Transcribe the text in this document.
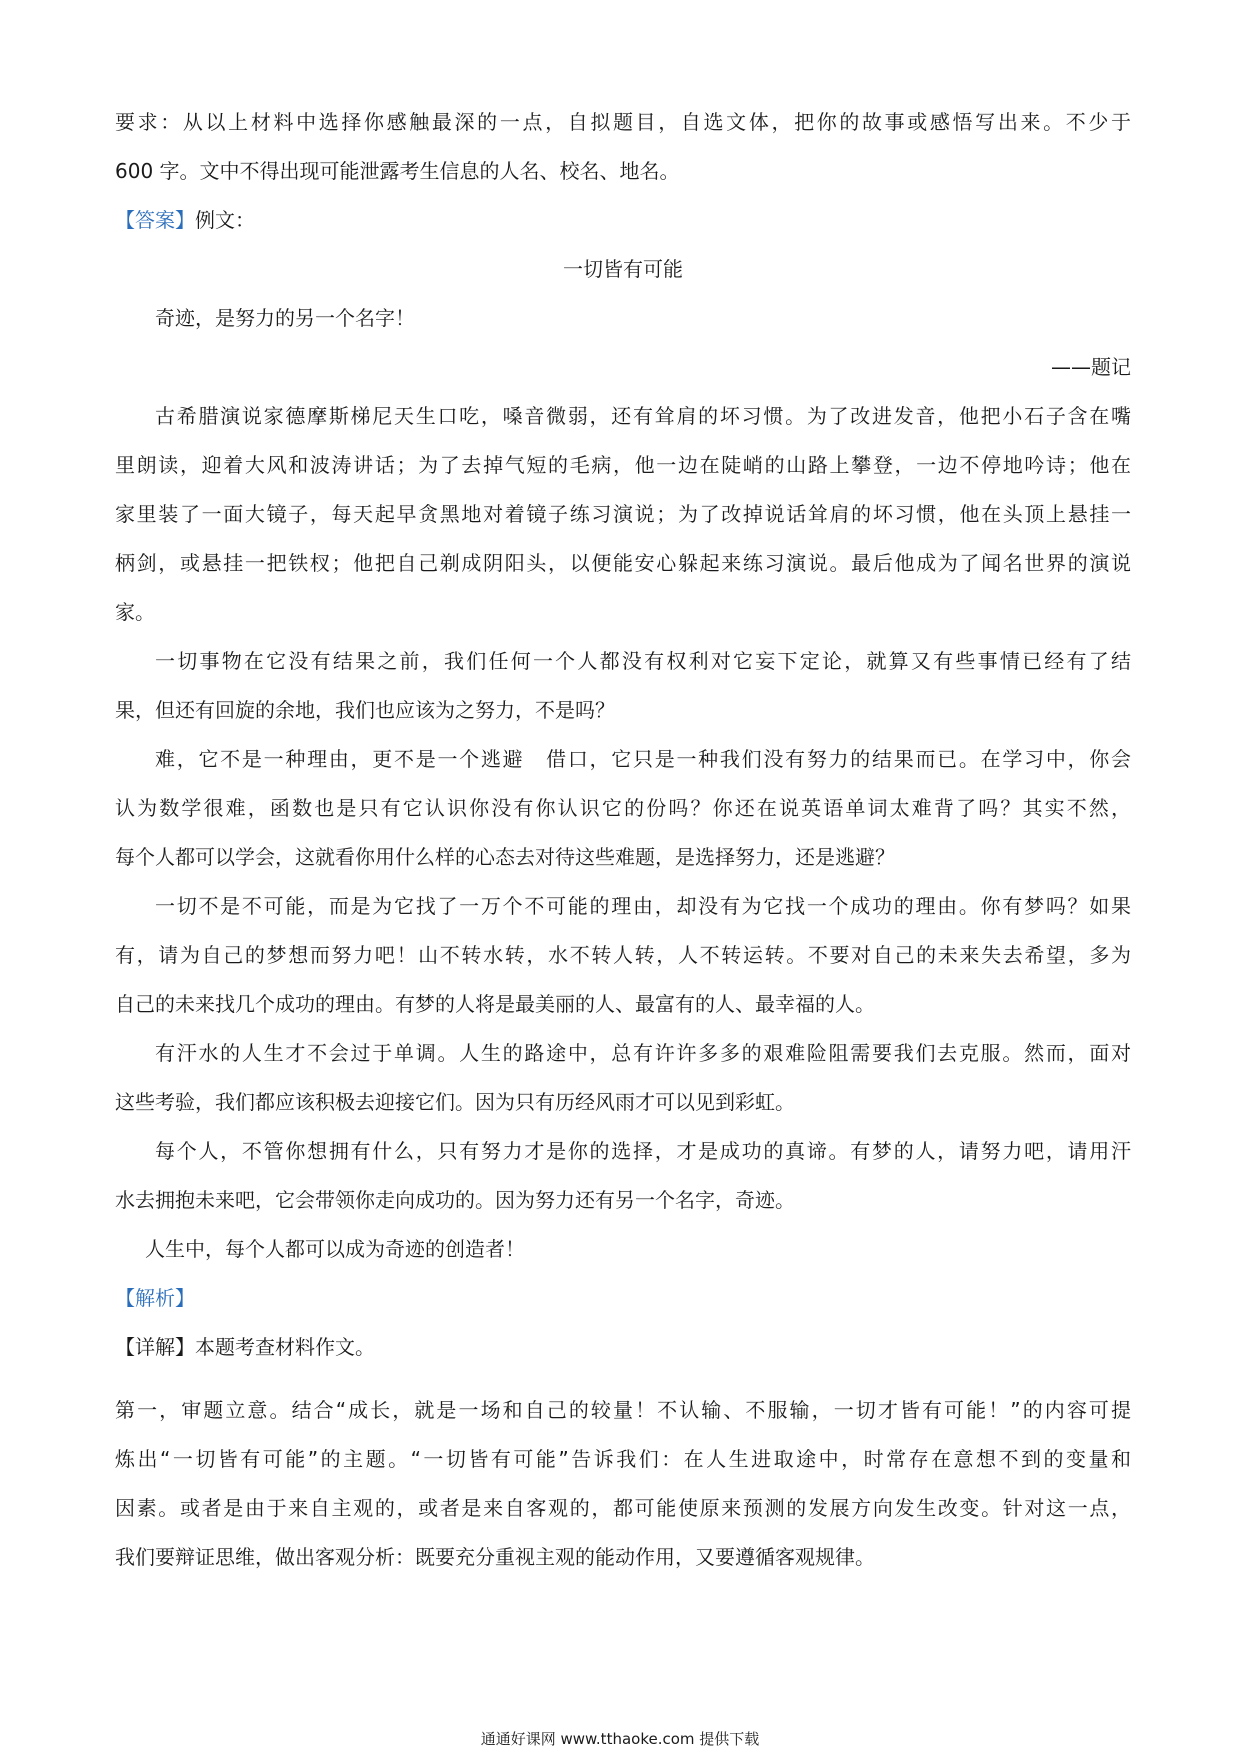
要求：从以上材料中选择你感触最深的一点，自拟题目，自选文体，把你的故事或感悟写出来。不少于

600 字。文中不得出现可能泄露考生信息的人名、校名、地名。

【答案】例文：

一切皆有可能

奇迹，是努力的另一个名字！

——题记

古希腊演说家德摩斯梯尼天生口吃，嗓音微弱，还有耸肩的坏习惯。为了改进发音，他把小石子含在嘴

里朗读，迎着大风和波涛讲话；为了去掉气短的毛病，他一边在陡峭的山路上攀登，一边不停地吟诗；他在

家里装了一面大镜子，每天起早贪黑地对着镜子练习演说；为了改掉说话耸肩的坏习惯，他在头顶上悬挂一

柄剑，或悬挂一把铁杈；他把自己剃成阴阳头，以便能安心躲起来练习演说。最后他成为了闻名世界的演说

家。

一切事物在它没有结果之前，我们任何一个人都没有权利对它妄下定论，就算又有些事情已经有了结

果，但还有回旋的余地，我们也应该为之努力，不是吗？

难，它不是一种理由，更不是一个逃避　借口，它只是一种我们没有努力的结果而已。在学习中，你会

认为数学很难，函数也是只有它认识你没有你认识它的份吗？你还在说英语单词太难背了吗？其实不然，

每个人都可以学会，这就看你用什么样的心态去对待这些难题，是选择努力，还是逃避？

一切不是不可能，而是为它找了一万个不可能的理由，却没有为它找一个成功的理由。你有梦吗？如果

有，请为自己的梦想而努力吧！山不转水转，水不转人转，人不转运转。不要对自己的未来失去希望，多为

自己的未来找几个成功的理由。有梦的人将是最美丽的人、最富有的人、最幸福的人。

有汗水的人生才不会过于单调。人生的路途中，总有许许多多的艰难险阻需要我们去克服。然而，面对

这些考验，我们都应该积极去迎接它们。因为只有历经风雨才可以见到彩虹。

每个人，不管你想拥有什么，只有努力才是你的选择，才是成功的真谛。有梦的人，请努力吧，请用汗

水去拥抱未来吧，它会带领你走向成功的。因为努力还有另一个名字，奇迹。

人生中，每个人都可以成为奇迹的创造者！

【解析】

【详解】本题考查材料作文。

第一，审题立意。结合“成长，就是一场和自己的较量！不认输、不服输，一切才皆有可能！”的内容可提

炼出“一切皆有可能”的主题。“一切皆有可能”告诉我们：在人生进取途中，时常存在意想不到的变量和

因素。或者是由于来自主观的，或者是来自客观的，都可能使原来预测的发展方向发生改变。针对这一点，

我们要辩证思维，做出客观分析：既要充分重视主观的能动作用，又要遵循客观规律。

通通好课网 www.tthaoke.com 提供下载
